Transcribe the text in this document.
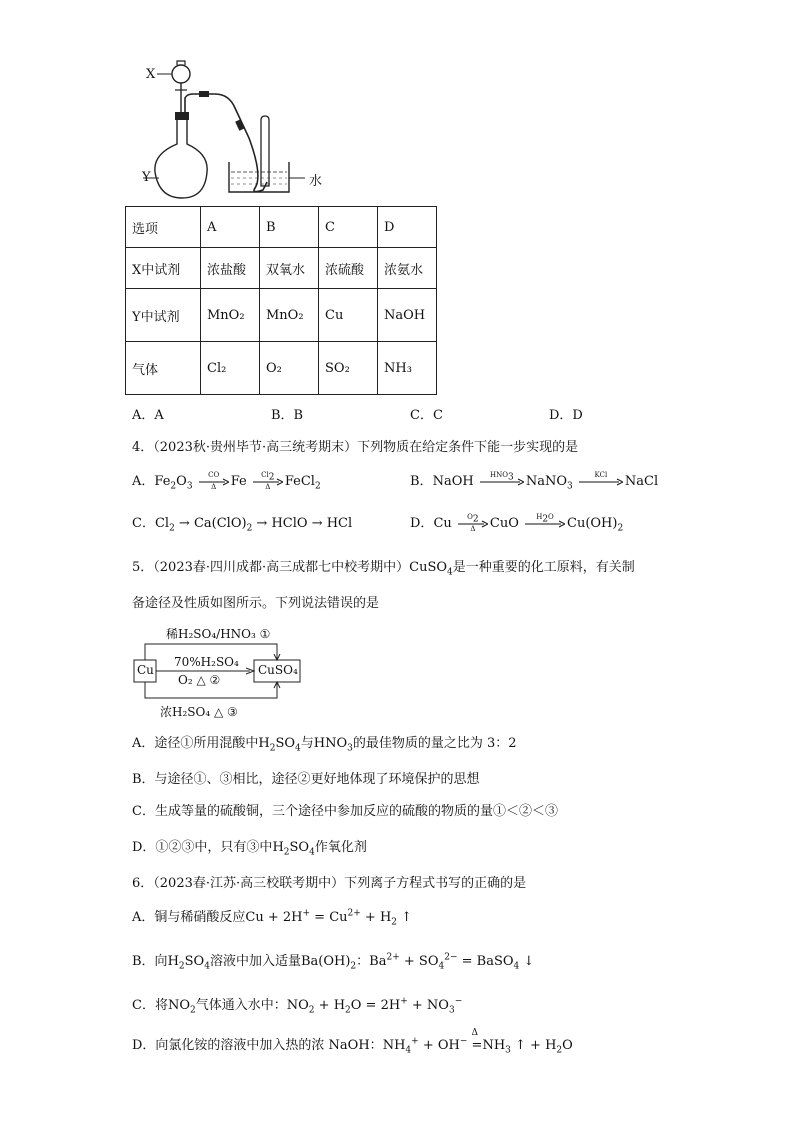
X
Y	水
选项	A	B	C	D
X中试剂	浓盐酸	双氧水	浓硫酸	浓氨水
Y中试剂	MnO₂	MnO₂	Cu	NaOH
气体	Cl₂	O₂	SO₂	NH₃
A．A	B．B	C．C	D．D
4．（2023秋·贵州毕节·高三统考期末）下列物质在给定条件下能一步实现的是
A．$Fe_2O_3$
CO
Δ	Fe	$Cl_2$
Δ	FeCl$_2$	B．NaOH	$HNO_3$ NaNO$_3$
KCl	NaCl
C．$Cl_2 \to Ca(ClO)_2$ → HClO → HCl	D．Cu	$O_2$
Δ	CuO	$H_2O$	$Cu(OH)_2$
5．（2023春·四川成都·高三成都七中校考期中）CuSO$_4$是一种重要的化工原料，有关制
备途径及性质如图所示。下列说法错误的是
Cu	CuSO₄
稀H₂SO₄/HNO₃ ①
70%H₂SO₄
O₂ △ ②
浓H₂SO₄ △ ③
A．途径①所用混酸中$H_2SO_4$与$HNO_3$的最佳物质的量之比为 3：2
B．与途径①、③相比，途径②更好地体现了环境保护的思想
C．生成等量的硫酸铜，三个途径中参加反应的硫酸的物质的量①＜②＜③
D．①②③中，只有③中$H_2SO_4$作氧化剂
6．（2023春·江苏·高三校联考期中）下列离子方程式书写的正确的是
A．铜与稀硝酸反应$Cu + 2H^+ = Cu^{2+} + H_2$ ↑
B．向$H_2SO_4$溶液中加入适量$Ba(OH)_2$：$Ba^{2+} + SO_4^{2-}$ = BaSO$_4$ ↓
C．将$NO_2$气体通入水中：$NO_2 + H_2O = 2H^+ + NO_3^-$
D．向氯化铵的溶液中加入热的浓 NaOH：$NH_4^+ + OH^-$ =
Δ
$NH_3$ ↑ + $H_2O$
